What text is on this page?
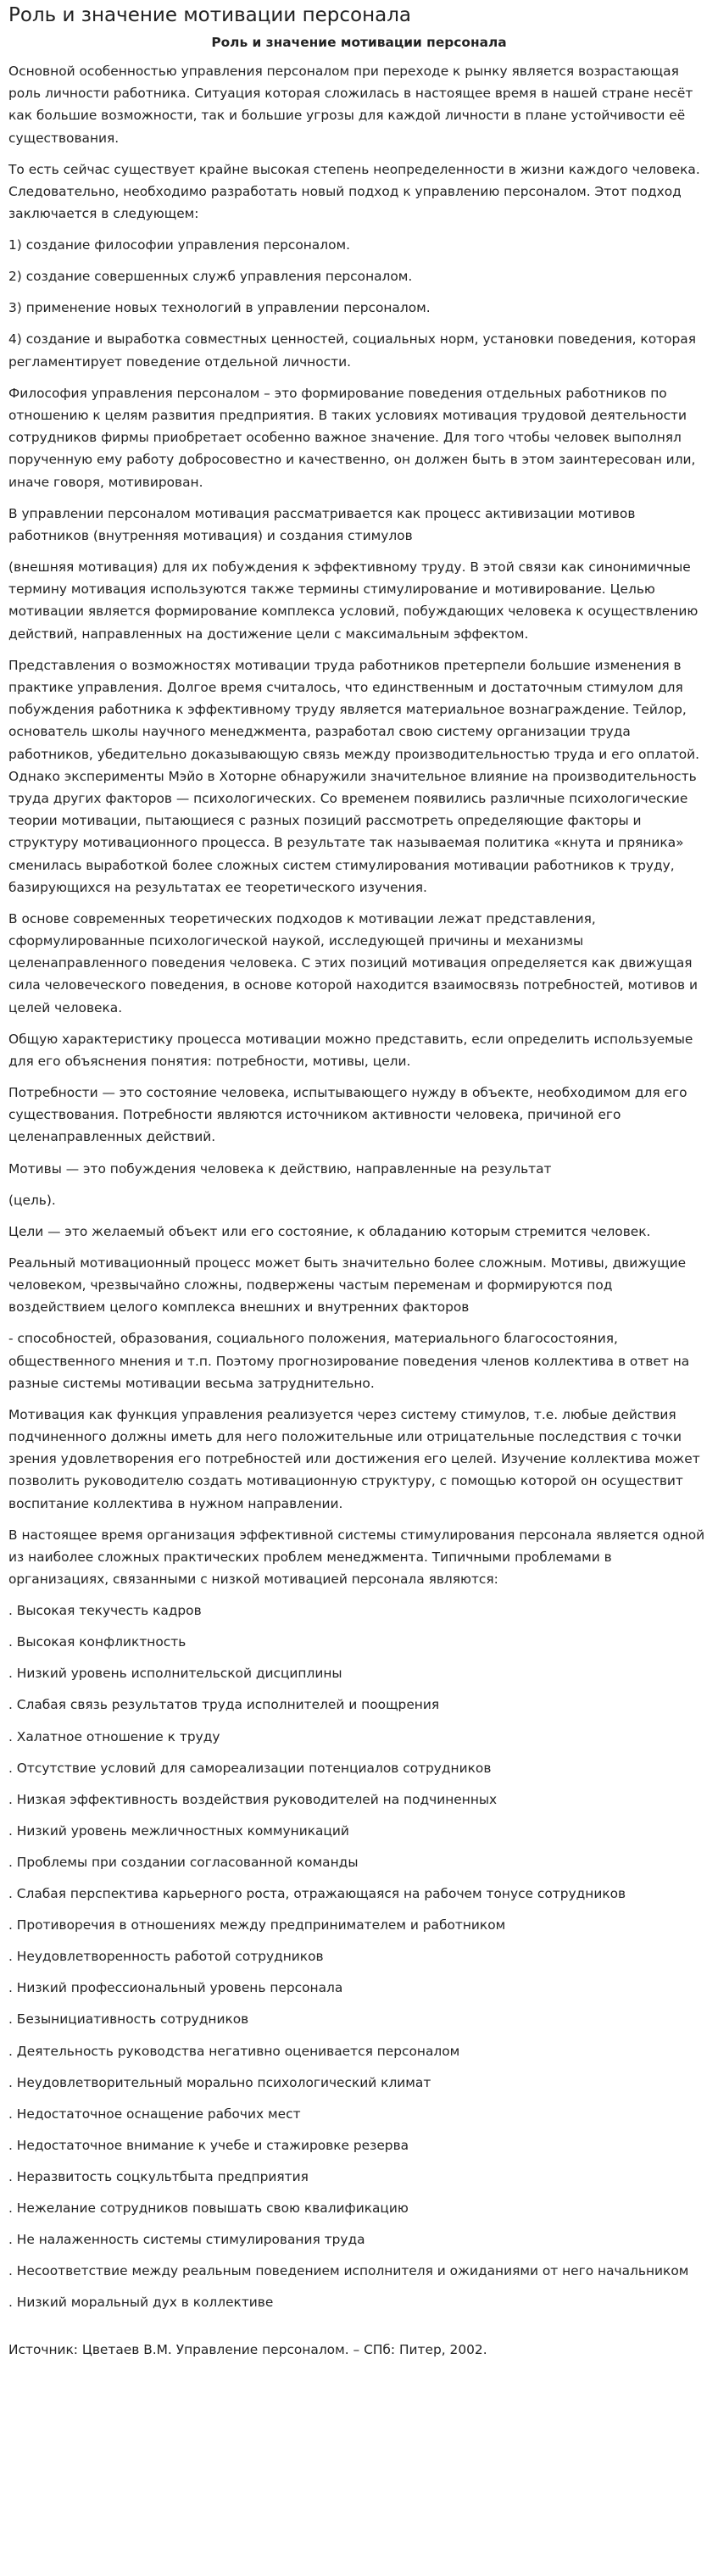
Роль и значение мотивации персонала
Роль и значение мотивации персонала

Основной особенностью управления персоналом при переходе к рынку является возрастающая роль личности работника. Ситуация которая сложилась в настоящее время в нашей стране несёт как большие возможности, так и большие угрозы для каждой личности в плане устойчивости её существования.

То есть сейчас существует крайне высокая степень неопределенности в жизни каждого человека. Следовательно, необходимо разработать новый подход к управлению персоналом. Этот подход заключается в следующем:

1) создание философии управления персоналом.

2) создание совершенных служб управления персоналом.

3) применение новых технологий в управлении персоналом.

4) создание и выработка совместных ценностей, социальных норм, установки поведения, которая регламентирует поведение отдельной личности.

Философия управления персоналом – это формирование поведения отдельных работников по отношению к целям развития предприятия. В таких условиях мотивация трудовой деятельности сотрудников фирмы приобретает особенно важное значение. Для того чтобы человек выполнял порученную ему работу добросовестно и качественно, он должен быть в этом заинтересован или, иначе говоря, мотивирован.

В управлении персоналом мотивация рассматривается как процесс активизации мотивов работников (внутренняя мотивация) и создания стимулов

(внешняя мотивация) для их побуждения к эффективному труду. В этой связи как синонимичные термину мотивация используются также термины стимулирование и мотивирование. Целью мотивации является формирование комплекса условий, побуждающих человека к осуществлению действий, направленных на достижение цели с максимальным эффектом.

Представления о возможностях мотивации труда работников претерпели большие изменения в практике управления. Долгое время считалось, что единственным и достаточным стимулом для побуждения работника к эффективному труду является материальное вознаграждение. Тейлор, основатель школы научного менеджмента, разработал свою систему организации труда работников, убедительно доказывающую связь между производительностью труда и его оплатой. Однако эксперименты Мэйо в Хоторне обнаружили значительное влияние на производительность труда других факторов — психологических. Со временем появились различные психологические теории мотивации, пытающиеся с разных позиций рассмотреть определяющие факторы и структуру мотивационного процесса. В результате так называемая политика «кнута и пряника» сменилась выработкой более сложных систем стимулирования мотивации работников к труду, базирующихся на результатах ее теоретического изучения.

В основе современных теоретических подходов к мотивации лежат представления, сформулированные психологической наукой, исследующей причины и механизмы целенаправленного поведения человека. С этих позиций мотивация определяется как движущая сила человеческого поведения, в основе которой находится взаимосвязь потребностей, мотивов и целей человека.

Общую характеристику процесса мотивации можно представить, если определить используемые для его объяснения понятия: потребности, мотивы, цели.

Потребности — это состояние человека, испытывающего нужду в объекте, необходимом для его существования. Потребности являются источником активности человека, причиной его целенаправленных действий.

Мотивы — это побуждения человека к действию, направленные на результат

(цель).

Цели — это желаемый объект или его состояние, к обладанию которым стремится человек.

Реальный мотивационный процесс может быть значительно более сложным. Мотивы, движущие человеком, чрезвычайно сложны, подвержены частым переменам и формируются под воздействием целого комплекса внешних и внутренних факторов

- способностей, образования, социального положения, материального благосостояния, общественного мнения и т.п. Поэтому прогнозирование поведения членов коллектива в ответ на разные системы мотивации весьма затруднительно.

Мотивация как функция управления реализуется через систему стимулов, т.е. любые действия подчиненного должны иметь для него положительные или отрицательные последствия с точки зрения удовлетворения его потребностей или достижения его целей. Изучение коллектива может позволить руководителю создать мотивационную структуру, с помощью которой он осуществит воспитание коллектива в нужном направлении.

В настоящее время организация эффективной системы стимулирования персонала является одной из наиболее сложных практических проблем менеджмента. Типичными проблемами в организациях, связанными с низкой мотивацией персонала являются:

. Высокая текучесть кадров

. Высокая конфликтность

. Низкий уровень исполнительской дисциплины

. Слабая связь результатов труда исполнителей и поощрения

. Халатное отношение к труду

. Отсутствие условий для самореализации потенциалов сотрудников

. Низкая эффективность воздействия руководителей на подчиненных

. Низкий уровень межличностных коммуникаций

. Проблемы при создании согласованной команды

. Слабая перспектива карьерного роста, отражающаяся на рабочем тонусе сотрудников

. Противоречия в отношениях между предпринимателем и работником

. Неудовлетворенность работой сотрудников

. Низкий профессиональный уровень персонала

. Безынициативность сотрудников

. Деятельность руководства негативно оценивается персоналом

. Неудовлетворительный морально психологический климат

. Недостаточное оснащение рабочих мест

. Недостаточное внимание к учебе и стажировке резерва

. Неразвитость соцкультбыта предприятия

. Нежелание сотрудников повышать свою квалификацию

. Не налаженность системы стимулирования труда

. Несоответствие между реальным поведением исполнителя и ожиданиями от него начальником

. Низкий моральный дух в коллективе

Источник: Цветаев В.М. Управление персоналом. – СПб: Питер, 2002.
